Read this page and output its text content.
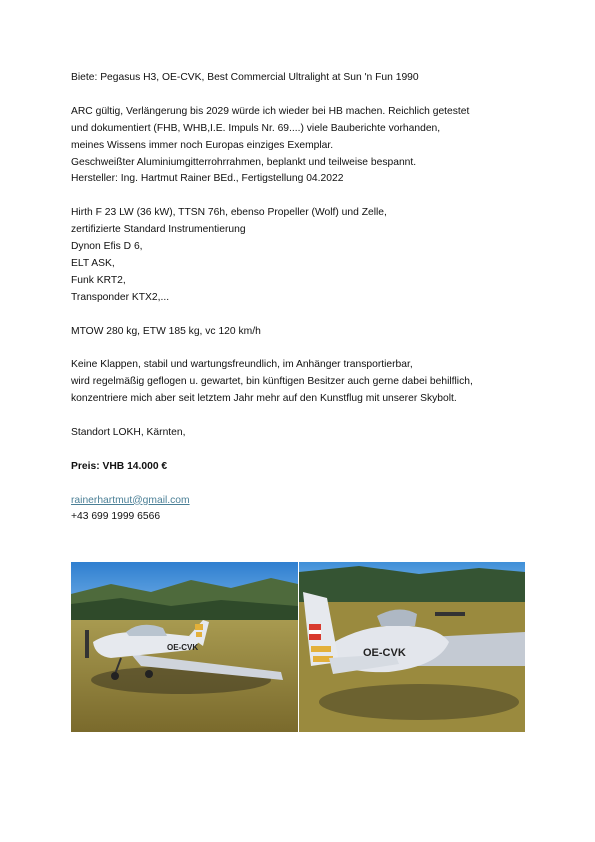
Biete: Pegasus H3, OE-CVK, Best Commercial Ultralight at Sun 'n Fun 1990

ARC gültig, Verlängerung bis 2029 würde ich wieder bei HB machen. Reichlich getestet

und dokumentiert (FHB, WHB,I.E. Impuls Nr. 69....) viele Bauberichte vorhanden,

meines Wissens immer noch Europas einziges Exemplar.

Geschweißter Aluminiumgitterrohrrahmen, beplankt und teilweise bespannt.

Hersteller: Ing. Hartmut Rainer BEd., Fertigstellung 04.2022

Hirth F 23 LW (36 kW), TTSN 76h, ebenso Propeller (Wolf) und Zelle,

zertifizierte Standard Instrumentierung

Dynon Efis D 6,

ELT ASK,

Funk KRT2,

Transponder KTX2,...

MTOW 280 kg, ETW 185 kg, vc 120 km/h

Keine Klappen, stabil und wartungsfreundlich, im Anhänger transportierbar,

wird regelmäßig geflogen u. gewartet, bin künftigen Besitzer auch gerne dabei behilflich,

konzentriere mich aber seit letztem Jahr mehr auf den Kunstflug mit unserer Skybolt.

Standort LOKH, Kärnten,

Preis: VHB 14.000 €

rainerhartmut@gmail.com

+43 699 1999 6566

OE-CVK	OE-CVK
